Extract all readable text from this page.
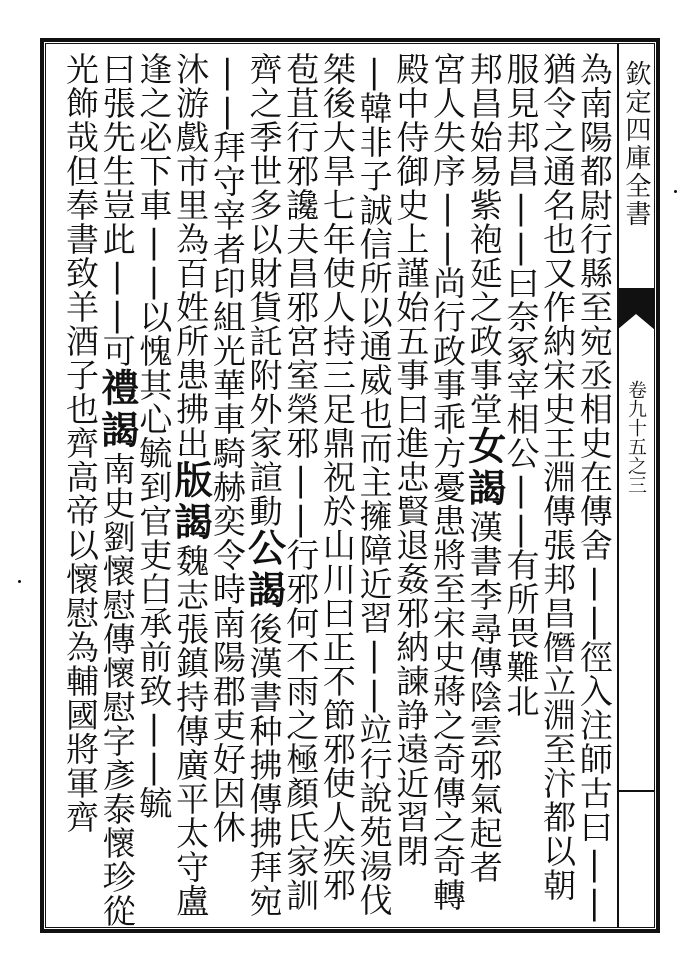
欽定四庫全書
卷九十五之三
為南陽都尉行縣至宛丞相史在傳舍||徑入注師古曰||
猶令之通名也又作納宋史王淵傳張邦昌僭立淵至汴都以朝
服見邦昌||曰奈冢宰相公||有所畏難北
邦昌始易紫袍延之政事堂女謁漢書李尋傳陰雲邪氣起者
宮人失序||尚行政事乖方憂患將至宋史蔣之奇傳之奇轉
殿中侍御史上謹始五事曰進忠賢退姦邪納諫諍遠近習閉
|韓非子誠信所以通威也而主擁障近習||竝行說苑湯伐
桀後大旱七年使人持三足鼎祝於山川曰正不節邪使人疾邪
苞苴行邪讒夫昌邪宮室榮邪||行邪何不雨之極顏氏家訓
齊之季世多以財貨託附外家諠動公謁後漢書种拂傳拂拜宛
||拜守宰者印組光華車騎赫奕令時南陽郡吏好因休
沐游戲市里為百姓所患拂出版謁魏志張鎮持傳廣平太守盧
逢之必下車||以愧其心毓到官吏白承前致||毓
曰張先生豈此||可禮謁南史劉懷慰傳懷慰字彥泰懷珍從
光飾哉但奉書致羊酒子也齊高帝以懷慰為輔國將軍齊
